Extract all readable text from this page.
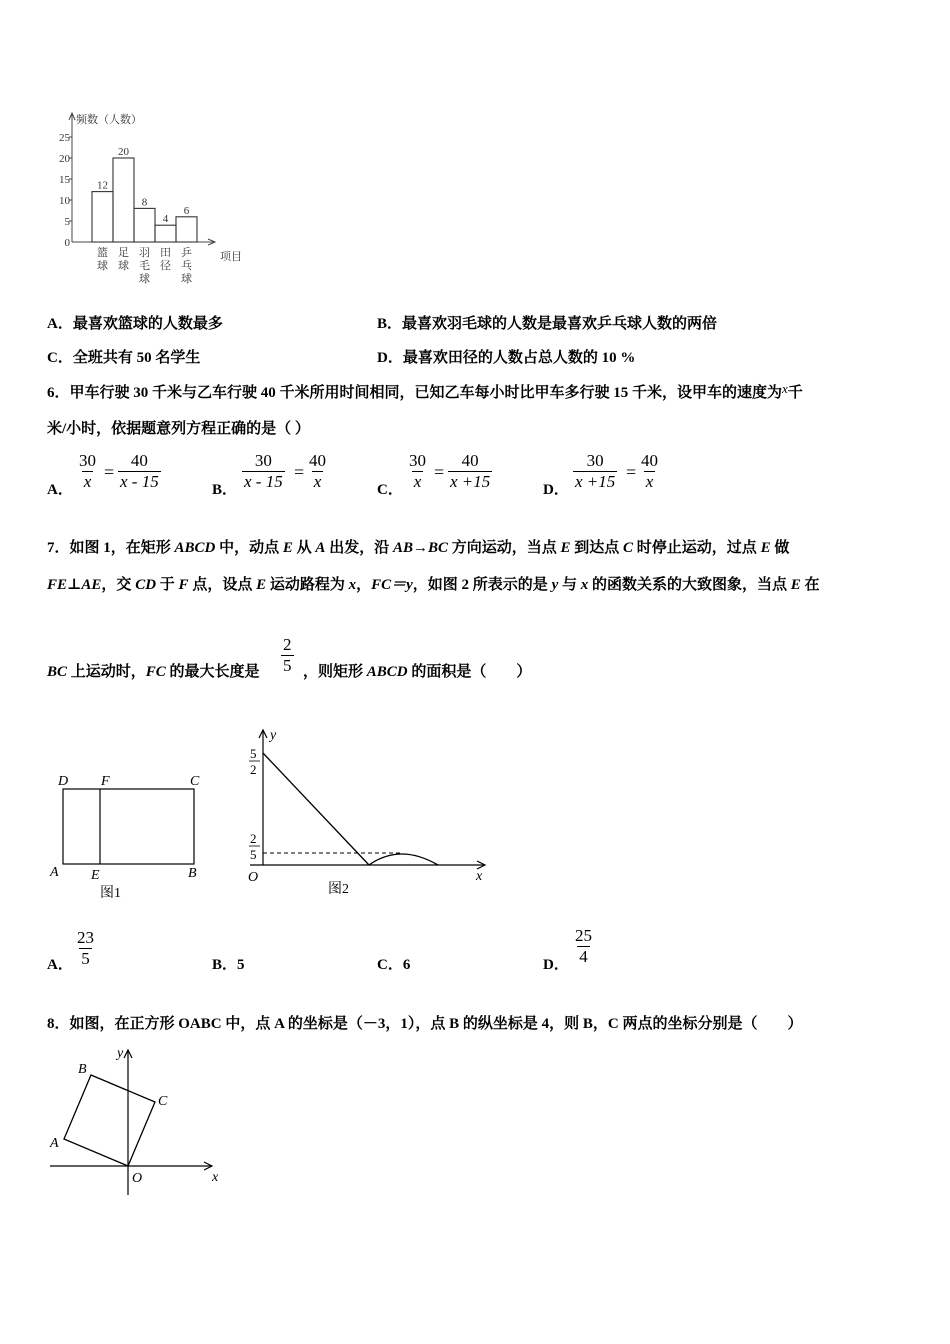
频数（人数）
25
20
15
10
5
0
12
篮
球
20
足
球
8
羽
毛
球
4
田
径
6
乒
乓
球
项目
A．最喜欢篮球的人数最多	B．最喜欢羽毛球的人数是最喜欢乒乓球人数的两倍
C．全班共有 50 名学生	D．最喜欢田径的人数占总人数的 10 %
6．甲车行驶 30 千米与乙车行驶 40 千米所用时间相同，已知乙车每小时比甲车多行驶 15 千米，设甲车的速度为x千
米/小时，依据题意列方程正确的是（ ）
A． $\frac{30}{x} = \frac{40}{x - 15}$	B． $\frac{30}{x - 15} = \frac{40}{x}$	C． $\frac{30}{x} = \frac{40}{x +15}$	D． $\frac{30}{x +15} = \frac{40}{x}$
7．如图 1，在矩形 ABCD 中，动点 E 从 A 出发，沿 AB→BC 方向运动，当点 E 到达点 C 时停止运动，过点 E 做
FE⊥AE，交 CD 于 F 点，设点 E 运动路程为 x，FC＝y，如图 2 所表示的是 y 与 x 的函数关系的大致图象，当点 E 在
BC 上运动时，FC 的最大长度是 $\frac{2}{5}$ ，则矩形 ABCD 的面积是（　　）
D F	C
A E	B
图1
y
x
O
5
2
2
5
图2
A． $\frac{23}{5}$	B．5	C．6	D． $\frac{25}{4}$
8．如图，在正方形 OABC 中，点 A 的坐标是（－3，1），点 B 的纵坐标是 4，则 B，C 两点的坐标分别是（　　）
B
C
A
O	x
y
